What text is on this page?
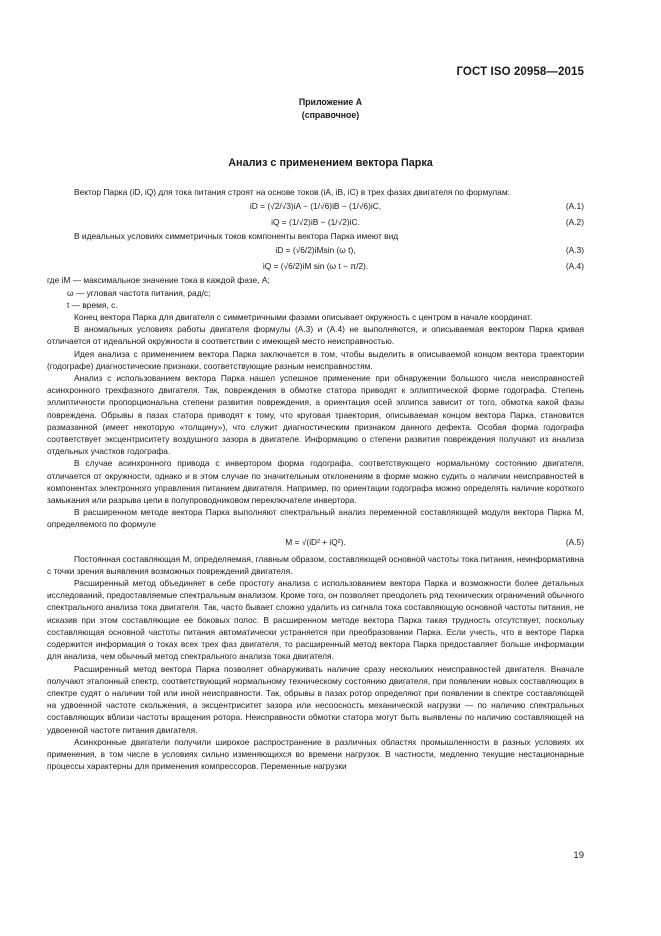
ГОСТ ISO 20958—2015
Приложение А
(справочное)
Анализ с применением вектора Парка

Вектор Парка (iD, iQ) для тока питания строят на основе токов (iA, iB, iC) в трех фазах двигателя по формулам:

iD = (√2/√3)iA − (1/√6)iB − (1/√6)iC,	(A.1)
iQ = (1/√2)iB − (1/√2)iC.	(A.2)

В идеальных условиях симметричных токов компоненты вектора Парка имеют вид

iD = (√6/2)iMsin (ω t),	(A.3)
iQ = (√6/2)iM sin (ω t − π/2).	(A.4)
где iM — максимальное значение тока в каждой фазе, А;
ω — угловая частота питания, рад/с;
t — время, с.

Конец вектора Парка для двигателя с симметричными фазами описывает окружность с центром в начале координат.

В аномальных условиях работы двигателя формулы (А.3) и (А.4) не выполняются, и описываемая вектором Парка кривая отличается от идеальной окружности в соответствии с имеющей место неисправностью.

Идея анализа с применением вектора Парка заключается в том, чтобы выделить в описываемой концом вектора траектории (годографе) диагностические признаки, соответствующие разным неисправностям.

Анализ с использованием вектора Парка нашел успешное применение при обнаружении большого числа неисправностей асинхронного трехфазного двигателя. Так, повреждения в обмотке статора приводят к эллиптической форме годографа. Степень эллиптичности пропорциональна степени развития повреждения, а ориентация осей эллипса зависит от того, обмотка какой фазы повреждена. Обрывы в пазах статора приводят к тому, что круговая траектория, описываемая концом вектора Парка, становится размазанной (имеет некоторую «толщину»), что служит диагностическим признаком данного дефекта. Особая форма годографа соответствует эксцентриситету воздушного зазора в двигателе. Информацию о степени развития повреждения получают из анализа отдельных участков годографа.

В случае асинхронного привода с инвертором форма годографа, соответствующего нормальному состоянию двигателя, отличается от окружности, однако и в этом случае по значительным отклонениям в форме можно судить о наличии неисправностей в компонентах электронного управления питанием двигателя. Например, по ориентации годографа можно определять наличие короткого замыкания или разрыва цепи в полупроводниковом переключателе инвертора.

В расширенном методе вектора Парка выполняют спектральный анализ переменной составляющей модуля вектора Парка М, определяемого по формуле

M = √(iD² + iQ²).	(A.5)

Постоянная составляющая М, определяемая, главным образом, составляющей основной частоты тока питания, неинформативна с точки зрения выявления возможных повреждений двигателя.

Расширенный метод объединяет в себе простоту анализа с использованием вектора Парка и возможности более детальных исследований, предоставляемые спектральным анализом. Кроме того, он позволяет преодолеть ряд технических ограничений обычного спектрального анализа тока двигателя. Так, часто бывает сложно удалить из сигнала тока составляющую основной частоты питания, не исказив при этом составляющие ее боковых полос. В расширенном методе вектора Парка такая трудность отсутствует, поскольку составляющая основной частоты питания автоматически устраняется при преобразовании Парка. Если учесть, что в векторе Парка содержится информация о токах всех трех фаз двигателя, то расширенный метод вектора Парка предоставляет больше информации для анализа, чем обычный метод спектрального анализа тока двигателя.

Расширенный метод вектора Парка позволяет обнаруживать наличие сразу нескольких неисправностей двигателя. Вначале получают эталонный спектр, соответствующий нормальному техническому состоянию двигателя, при появлении новых составляющих в спектре судят о наличии той или иной неисправности. Так, обрывы в пазах ротор определяют при появлении в спектре составляющей на удвоенной частоте скольжения, а эксцентриситет зазора или несоосность механической нагрузки — по наличию спектральных составляющих вблизи частоты вращения ротора. Неисправности обмотки статора могут быть выявлены по наличию составляющей на удвоенной частоте питания двигателя.

Асинхронные двигатели получили широкое распространение в различных областях промышленности в разных условиях их применения, в том числе в условиях сильно изменяющихся во времени нагрузок. В частности, медленно текущие нестационарные процессы характерны для применения компрессоров. Переменные нагрузки

19
